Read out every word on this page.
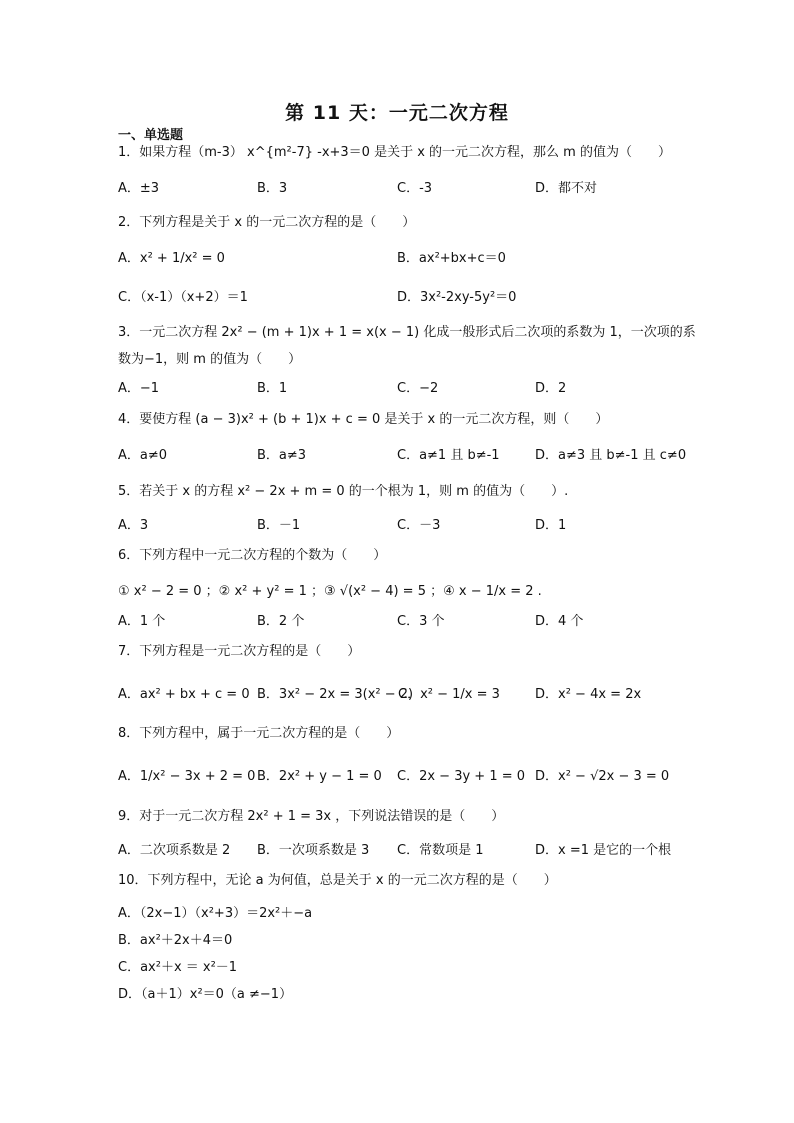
第 11 天：一元二次方程
一、单选题
1．如果方程（m-3） x^{m²-7} -x+3＝0 是关于 x 的一元二次方程，那么 m 的值为（　　）
A．±3	B．3	C．-3	D．都不对
2．下列方程是关于 x 的一元二次方程的是（　　）
A．x² + 1/x² = 0	B．ax²+bx+c＝0
C．（x-1）（x+2）＝1	D．3x²-2xy-5y²＝0
3．一元二次方程 2x² − (m + 1)x + 1 = x(x − 1) 化成一般形式后二次项的系数为 1，一次项的系
数为−1，则 m 的值为（　　）
A．−1	B．1	C．−2	D．2
4．要使方程 (a − 3)x² + (b + 1)x + c = 0 是关于 x 的一元二次方程，则（　　）
A．a≠0	B．a≠3	C．a≠1 且 b≠-1	D．a≠3 且 b≠-1 且 c≠0
5．若关于 x 的方程 x² − 2x + m = 0 的一个根为 1，则 m 的值为（　　）.
A．3	B．－1	C．－3	D．1
6．下列方程中一元二次方程的个数为（　　）
① x² − 2 = 0 ；② x² + y² = 1 ；③ √(x² − 4) = 5 ；④ x − 1/x = 2 .
A．1 个	B．2 个	C．3 个	D．4 个
7．下列方程是一元二次方程的是（　　）
A．ax² + bx + c = 0 B．3x² − 2x = 3(x² − 2)
C．x² − 1/x = 3	D．x² − 4x = 2x
8．下列方程中，属于一元二次方程的是（　　）
A．1/x² − 3x + 2 = 0 B．2x² + y − 1 = 0 C．2x − 3y + 1 = 0 D．x² − √2x − 3 = 0
9．对于一元二次方程 2x² + 1 = 3x ，下列说法错误的是（　　）
A．二次项系数是 2 B．一次项系数是 3 C．常数项是 1	D．x =1 是它的一个根
10．下列方程中，无论 a 为何值，总是关于 x 的一元二次方程的是（　　）
A．（2x−1）（x²+3）＝2x²＋−a
B．ax²＋2x＋4＝0
C．ax²＋x ＝ x²－1
D．（a＋1）x²＝0（a ≠−1）
